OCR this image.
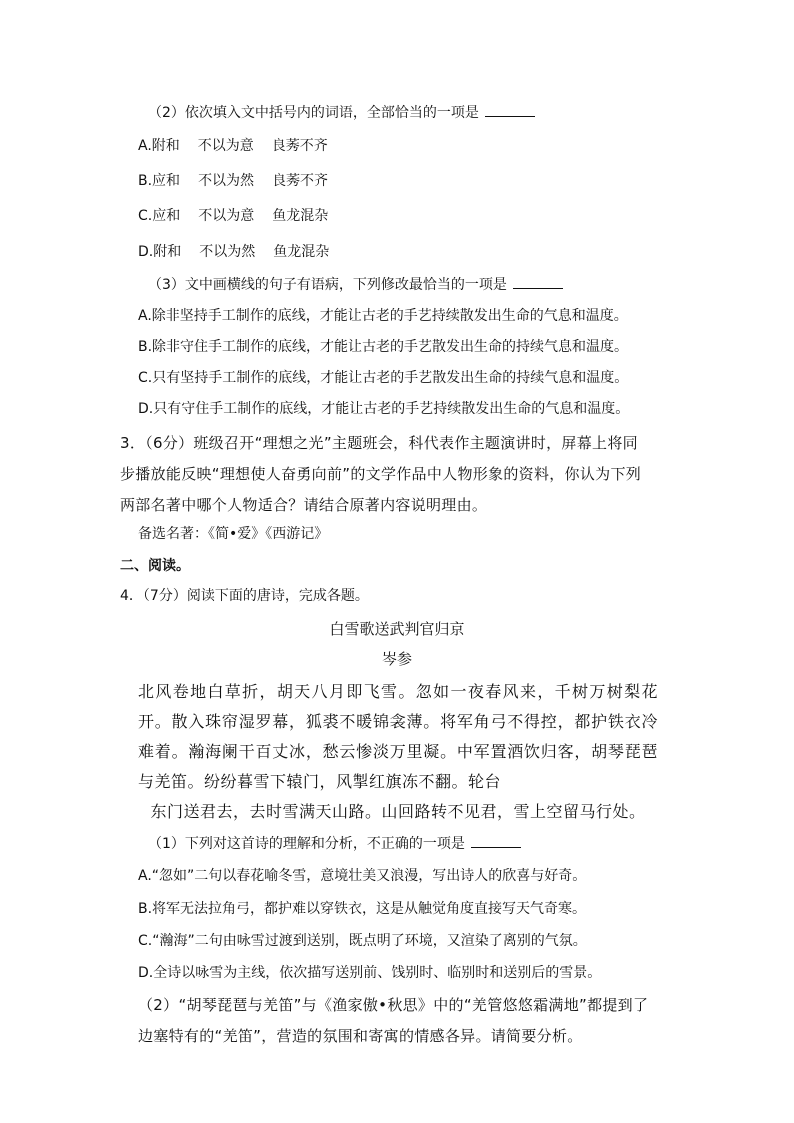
（2）依次填入文中括号内的词语，全部恰当的一项是
A.附和 不以为意 良莠不齐
B.应和 不以为然 良莠不齐
C.应和 不以为意 鱼龙混杂
D.附和 不以为然 鱼龙混杂
（3）文中画横线的句子有语病，下列修改最恰当的一项是
A.除非坚持手工制作的底线，才能让古老的手艺持续散发出生命的气息和温度。
B.除非守住手工制作的底线，才能让古老的手艺散发出生命的持续气息和温度。
C.只有坚持手工制作的底线，才能让古老的手艺散发出生命的持续气息和温度。
D.只有守住手工制作的底线，才能让古老的手艺持续散发出生命的气息和温度。
3．（6分）班级召开“理想之光”主题班会，科代表作主题演讲时，屏幕上将同步播放能反映“理想使人奋勇向前”的文学作品中人物形象的资料，你认为下列两部名著中哪个人物适合？请结合原著内容说明理由。
备选名著：《简•爱》《西游记》
二、阅读。
4．（7分）阅读下面的唐诗，完成各题。
白雪歌送武判官归京
岑参
北风卷地白草折，胡天八月即飞雪。忽如一夜春风来，千树万树梨花开。散入珠帘湿罗幕，狐裘不暖锦衾薄。将军角弓不得控，都护铁衣冷难着。瀚海阑干百丈冰，愁云惨淡万里凝。中军置酒饮归客，胡琴琵琶与羌笛。纷纷暮雪下辕门，风掣红旗冻不翻。轮台
东门送君去，去时雪满天山路。山回路转不见君，雪上空留马行处。
（1）下列对这首诗的理解和分析，不正确的一项是
A.“忽如”二句以春花喻冬雪，意境壮美又浪漫，写出诗人的欣喜与好奇。
B.将军无法拉角弓，都护难以穿铁衣，这是从触觉角度直接写天气奇寒。
C.“瀚海”二句由咏雪过渡到送别，既点明了环境，又渲染了离别的气氛。
D.全诗以咏雪为主线，依次描写送别前、饯别时、临别时和送别后的雪景。
（2）“胡琴琵琶与羌笛”与《渔家傲•秋思》中的“羌管悠悠霜满地”都提到了边塞特有的“羌笛”，营造的氛围和寄寓的情感各异。请简要分析。
